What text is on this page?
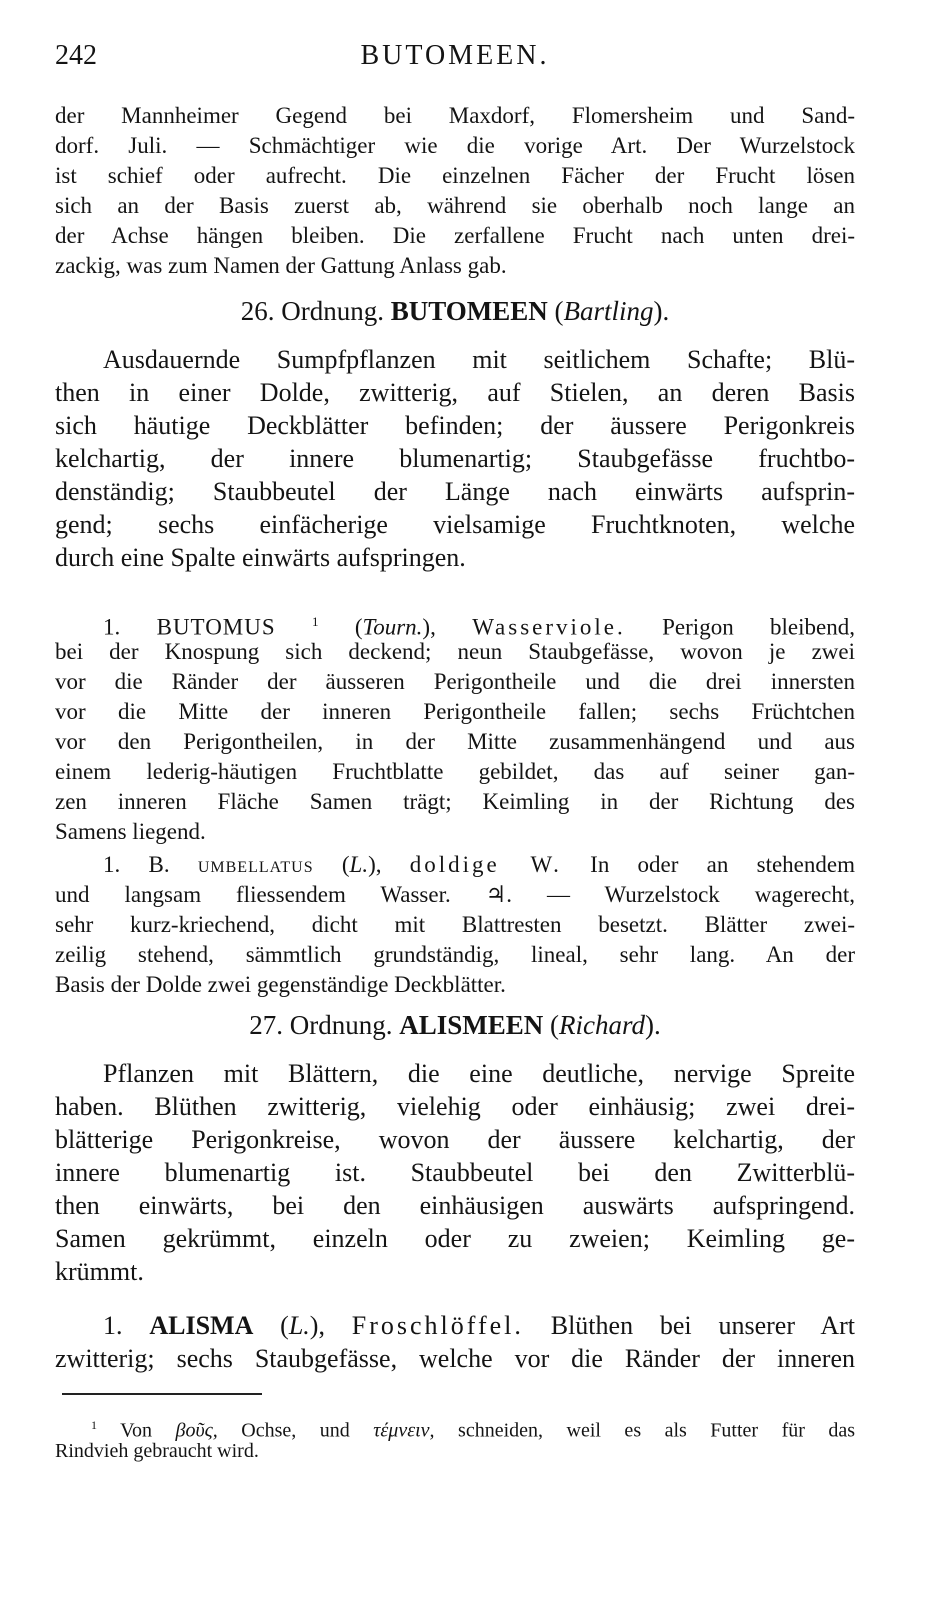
242	BUTOMEEN.
der Mannheimer Gegend bei Maxdorf, Flomersheim und Sand-
dorf. Juli. — Schmächtiger wie die vorige Art. Der Wurzelstock
ist schief oder aufrecht. Die einzelnen Fächer der Frucht lösen
sich an der Basis zuerst ab, während sie oberhalb noch lange an
der Achse hängen bleiben. Die zerfallene Frucht nach unten drei-
zackig, was zum Namen der Gattung Anlass gab.
26. Ordnung. BUTOMEEN (Bartling).
Ausdauernde Sumpfpflanzen mit seitlichem Schafte; Blü-
then in einer Dolde, zwitterig, auf Stielen, an deren Basis
sich häutige Deckblätter befinden; der äussere Perigonkreis
kelchartig, der innere blumenartig; Staubgefässe fruchtbo-
denständig; Staubbeutel der Länge nach einwärts aufsprin-
gend; sechs einfächerige vielsamige Fruchtknoten, welche
durch eine Spalte einwärts aufspringen.
1. BUTOMUS	$^1$ (Tourn.), Wasserviole. Perigon bleibend,
bei der Knospung sich deckend; neun Staubgefässe, wovon je zwei
vor die Ränder der äusseren Perigontheile und die drei innersten
vor die Mitte der inneren Perigontheile fallen; sechs Früchtchen
vor den Perigontheilen, in der Mitte zusammenhängend und aus
einem lederig-häutigen Fruchtblatte gebildet, das auf seiner gan-
zen inneren Fläche Samen trägt; Keimling in der Richtung des
Samens liegend.
1. B. umbellatus (L.), doldige W. In oder an stehendem
und langsam fliessendem Wasser. ♃. — Wurzelstock wagerecht,
sehr kurz-kriechend, dicht mit Blattresten besetzt. Blätter zwei-
zeilig stehend, sämmtlich grundständig, lineal, sehr lang. An der
Basis der Dolde zwei gegenständige Deckblätter.
27. Ordnung. ALISMEEN (Richard).
Pflanzen mit Blättern, die eine deutliche, nervige Spreite
haben. Blüthen zwitterig, vielehig oder einhäusig; zwei drei-
blätterige Perigonkreise, wovon der äussere kelchartig, der
innere blumenartig ist. Staubbeutel bei den Zwitterblü-
then einwärts, bei den einhäusigen auswärts aufspringend.
Samen gekrümmt, einzeln oder zu zweien; Keimling ge-
krümmt.
1. ALISMA (L.), Froschlöffel. Blüthen bei unserer Art
zwitterig; sechs Staubgefässe, welche vor die Ränder der inneren
$^1$ Von βοῦς, Ochse, und τέμνειν, schneiden, weil es als Futter für das
Rindvieh gebraucht wird.
